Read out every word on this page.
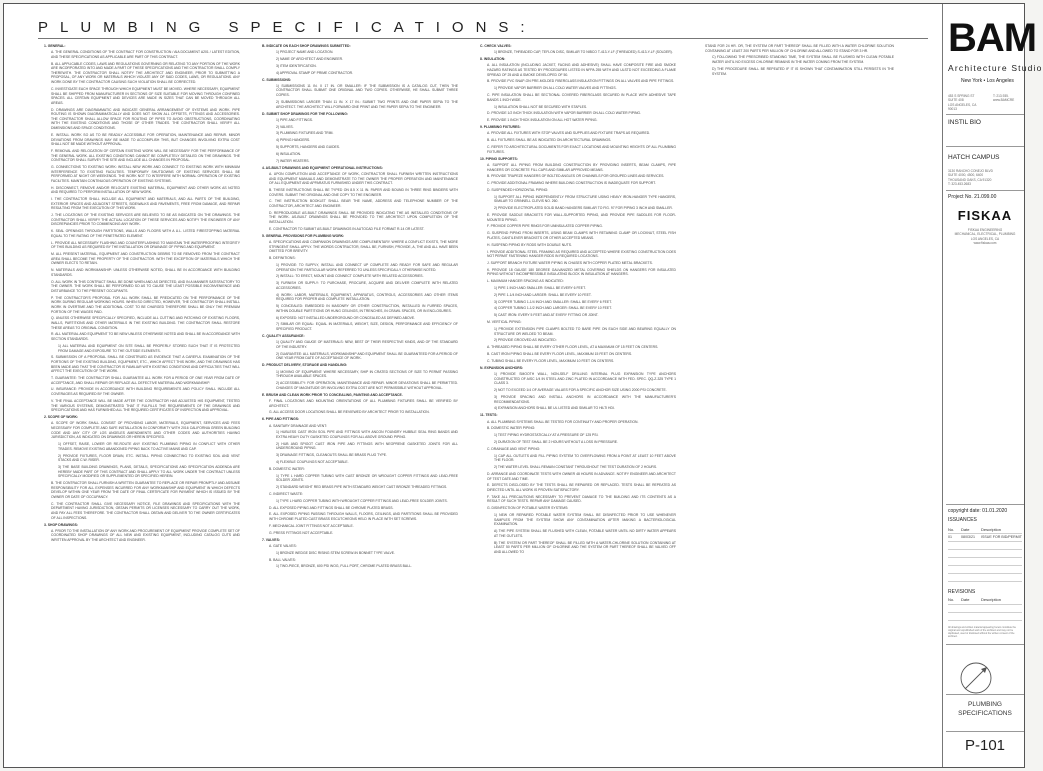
PLUMBING SPECIFICATIONS:

1. GENERAL:

A. THE GENERAL CONDITIONS OF THE CONTRACT FOR CONSTRUCTION / AIA DOCUMENT A201 / LATEST EDITION, AND THESE SPECIFICATIONS AS APPLICABLE ARE PART OF THIS CONTRACT.

B. ALL APPLICABLE CODES, LAWS AND REGULATIONS GOVERNING OR RELATING TO ANY PORTION OF THE WORK ARE INCORPORATED INTO AND MADE A PART OF THESE SPECIFICATIONS AND THE CONTRACTOR SHALL COMPLY THEREWITH. THE CONTRACTOR SHALL NOTIFY THE ARCHITECT AND ENGINEER, PRIOR TO SUBMITTING A PROPOSAL, OF ANY WORK OR MATERIALS WHICH VIOLATE ANY OF SAID CODES, LAWS, OR REGULATIONS. ANY WORK DONE BY THE CONTRACTOR CAUSING SUCH VIOLATION SHALL BE CORRECTED.

C. INVESTIGATE EACH SPACE THROUGH WHICH EQUIPMENT MUST BE MOVED. WHERE NECESSARY, EQUIPMENT SHALL BE SHIPPED FROM MANUFACTURER IN SECTIONS OF SIZE SUITABLE FOR MOVING THROUGH CONFINED SPACES. ALL CERTAIN EQUIPMENT AND DEVICES ARE MADE IN SIZES THAT CAN BE MOVED THROUGH ALL AREAS.

D. DRAWINGS ARE DIAGRAMMATIC AND INDICATE GENERAL ARRANGEMENT OF SYSTEMS AND WORK. PIPE ROUTING IS SHOWN DIAGRAMMATICALLY AND DOES NOT SHOW ALL OFFSETS, FITTINGS AND ACCESSORIES. THE CONTRACTOR SHALL ALLOW SPACE FOR ROUTING OF PIPES TO AVOID OBSTRUCTIONS, COORDINATING WITH THE EXISTING CONDITIONS AND THOSE OF OTHER TRADES. THE CONTRACTOR SHALL VERIFY ALL DIMENSIONS AND SPACE CONDITIONS.

E. INSTALL WORK SO AS TO BE READILY ACCESSIBLE FOR OPERATION, MAINTENANCE AND REPAIR. MINOR DEVIATIONS FROM DRAWINGS MAY BE MADE TO ACCOMPLISH THIS, BUT CHANGES INVOLVING EXTRA COST SHALL NOT BE MADE WITHOUT APPROVAL.

F. REMOVAL AND RELOCATION OF CERTAIN EXISTING WORK WILL BE NECESSARY FOR THE PERFORMANCE OF THE GENERAL WORK. ALL EXISTING CONDITIONS CANNOT BE COMPLETELY DETAILED ON THE DRAWINGS. THE CONTRACTOR SHALL SURVEY THE SITE AND INCLUDE ALL CHANGES IN PROPOSAL.

G. CONNECTIONS TO EXISTING WORK: INSTALL NEW WORK AND CONNECT TO EXISTING WORK WITH MINIMUM INTERFERENCE TO EXISTING FACILITIES. TEMPORARY SHUTDOWNS OF EXISTING SERVICES SHALL BE PERFORMED AT NIGHT OR WEEKENDS. THE WORK NOT TO INTERFERE WITH NORMAL OPERATION OF EXISTING FACILITIES. MAINTAIN CONTINUOUS OPERATION OF EXISTING SYSTEMS.

H. DISCONNECT, REMOVE AND/OR RELOCATE EXISTING MATERIAL, EQUIPMENT AND OTHER WORK AS NOTED AND REQUIRED TO PERFORM INSTALLATION OF NEW WORK.

I. THE CONTRACTOR SHALL INCLUDE ALL EQUIPMENT AND MATERIALS, AND ALL PARTS OF THE BUILDING, EXTERIOR SPACES AND ADJACENT STREETS, SIDEWALKS AND PAVEMENTS, FREE FROM DAMAGE, AND REPAIR RESULTING FROM THE EXECUTION OF THIS WORK.

J. THE LOCATIONS OF THE EXISTING SERVICES ARE BELIEVED TO BE AS INDICATED ON THE DRAWINGS. THE CONTRACTOR SHALL VERIFY THE ACTUAL LOCATION OF THESE SERVICES AND NOTIFY THE ENGINEER OF ANY DISCREPANCIES PRIOR TO COMMENCING ANY WORK.

K. SEAL OPENINGS THROUGH PARTITIONS, WALLS AND FLOORS WITH A U.L. LISTED FIRESTOPPING MATERIAL EQUAL TO THE RATING OF THE PENETRATED ELEMENT.

L. PROVIDE ALL NECESSARY FLASHING AND COUNTERFLASHING TO MAINTAIN THE WATERPROOFING INTEGRITY OF THIS BUILDING AS REQUIRED BY THE INSTALLATION OR DRAINAGE OF PIPING AND EQUIPMENT.

M. ALL PRESENT MATERIAL, EQUIPMENT AND CONSTRUCTION DEBRIS TO BE REMOVED FROM THE CONTRACT AREA SHALL BECOME THE PROPERTY OF THE CONTRACTOR. WITH THE EXCEPTION OF MATERIALS WHICH THE OWNER ELECTS TO RETAIN.

N. MATERIALS AND WORKMANSHIP: UNLESS OTHERWISE NOTED, SHALL BE IN ACCORDANCE WITH BUILDING STANDARDS.

O. ALL WORK IN THIS CONTRACT SHALL BE DONE WHEN AND AS DIRECTED, AND IN A MANNER SATISFACTORY TO THE OWNER. THE WORK SHALL BE PERFORMED SO AS TO CAUSE THE LEAST POSSIBLE INCONVENIENCE AND DISTURBANCE TO THE PRESENT OCCUPANTS.

P. THE CONTRACTOR'S PROPOSAL FOR ALL WORK SHALL BE PREDICATED ON THE PERFORMANCE OF THE WORK DURING REGULAR WORKING HOURS. WHEN SO DIRECTED, HOWEVER, THE CONTRACTOR SHALL INSTALL WORK IN OVERTIME AND THE ADDITIONAL COST TO BE CHARGED THEREFORE SHALL BE ONLY THE PREMIUM PORTION OF THE WAGES PAID.

Q. UNLESS OTHERWISE SPECIFICALLY SPECIFIED, INCLUDE ALL CUTTING AND PATCHING OF EXISTING FLOORS, WALLS, PARTITIONS AND OTHER MATERIALS IN THE EXISTING BUILDING. THE CONTRACTOR SHALL RESTORE THESE AREAS TO ORIGINAL CONDITION.

R. ALL MATERIAL AND EQUIPMENT TO BE NEW UNLESS OTHERWISE NOTED AND SHALL BE IN ACCORDANCE WITH SECTION STANDARDS.

1) ALL MATERIAL AND EQUIPMENT ON SITE SHALL BE PROPERLY STORED SUCH THAT IT IS PROTECTED FROM DAMAGE AND EXPOSURE TO THE OUTSIDE ELEMENTS.

S. SUBMISSION OF A PROPOSAL SHALL BE CONSTRUED AS EVIDENCE THAT A CAREFUL EXAMINATION OF THE PORTIONS OF THE EXISTING BUILDING, EQUIPMENT, ETC., WHICH AFFECT THIS WORK, AND THE DRAWINGS HAS BEEN MADE AND THAT THE CONTRACTOR IS FAMILIAR WITH EXISTING CONDITIONS AND DIFFICULTIES THAT WILL AFFECT THE EXECUTION OF THE WORK.

T. GUARANTEE: THE CONTRACTOR SHALL GUARANTEE ALL WORK FOR A PERIOD OF ONE YEAR FROM DATE OF ACCEPTANCE, AND SHALL REPAIR OR REPLACE ALL DEFECTIVE MATERIAL AND WORKMANSHIP.

U. INSURANCE: PROVIDE IN ACCORDANCE WITH BUILDING REQUIREMENTS AND POLICY SHALL INCLUDE ALL COVERAGES AS REQUIRED BY THE OWNER.

V. THE FINAL ACCEPTANCE WILL BE MADE AFTER THE CONTRACTOR HAS ADJUSTED HIS EQUIPMENT, TESTED THE VARIOUS SYSTEMS, DEMONSTRATED THAT IT FULFILLS THE REQUIREMENTS OF THE DRAWINGS AND SPECIFICATIONS AND HAS FURNISHED ALL THE REQUIRED CERTIFICATES OF INSPECTION AND APPROVAL.

2. SCOPE OF WORK:

A. SCOPE OF WORK SHALL CONSIST OF PROVIDING LABOR, MATERIALS, EQUIPMENT, SERVICES AND FEES NECESSARY FOR COMPLETE AND SAFE INSTALLATION IN CONFORMITY WITH 2016 CALIFORNIA GREEN BUILDING CODE AND ANY CITY OF LOS ANGELES AMENDMENTS AND OTHER CODES AND AUTHORITIES HAVING JURISDICTION, AS INDICATED ON DRAWINGS OR HEREIN SPECIFIED.

1) OFFSET, RAISE, LOWER OR RE-ROUTE ANY EXISTING PLUMBING PIPING IN CONFLICT WITH OTHER TRADES. REMOVE EXISTING ABANDONED PIPING BACK TO ACTIVE MAINS AND CAP.

2) PROVIDE FIXTURES, FLOOR DRAIN, ETC. INSTALL PIPING CONNECTING TO EXISTING SOIL AND VENT STACKS AND C.W. RISER.

3) THE BASE BUILDING DRAWINGS, PLANS, DETAILS, SPECIFICATIONS AND SPECIFICATION ADDENDA ARE HEREBY MADE PART OF THIS CONTRACT AND SHALL APPLY TO ALL WORK UNDER THE CONTRACT UNLESS SPECIFICALLY MODIFIED OR SUPPLEMENTED OR SPECIFIED HEREIN.

B. THE CONTRACTOR SHALL FURNISH A WRITTEN GUARANTEE TO REPLACE OR REPAIR PROMPTLY AND ASSUME RESPONSIBILITY FOR ALL EXPENSES INCURRED FOR ANY WORKMANSHIP AND EQUIPMENT IN WHICH DEFECTS DEVELOP WITHIN ONE YEAR FROM THE DATE OF FINAL CERTIFICATE FOR PAYMENT WHICH IS ISSUED BY THE OWNER OR DATE OF OCCUPANCY.

C. THE CONTRACTOR SHALL GIVE NECESSARY NOTICE, FILE DRAWINGS AND SPECIFICATIONS WITH THE DEPARTMENT HAVING JURISDICTION, OBTAIN PERMITS OR LICENSES NECESSARY TO CARRY OUT THE WORK, AND PAY ALL FEES THEREFORE. THE CONTRACTOR SHALL OBTAIN AND DELIVER TO THE OWNER CERTIFICATES OF ALL INSPECTIONS.

3. SHOP DRAWINGS:

A. PRIOR TO THE INSTALLATION OF ANY WORK AND PROCUREMENT OF EQUIPMENT PROVIDE COMPLETE SET OF COORDINATED SHOP DRAWINGS OF ALL NEW AND EXISTING EQUIPMENT, INCLUDING CATALOG CUTS AND WRITTEN APPROVAL BY THE ARCHITECT AND ENGINEER.

B. INDICATE ON EACH SHOP DRAWINGS SUBMITTED:

1) PROJECT NAME AND LOCATION.

2) NAME OF ARCHITECT AND ENGINEER.

3) ITEM IDENTIFICATION.

4) APPROVAL STAMP OF PRIME CONTRACTOR.

C. SUBMISSIONS:

1) SUBMISSIONS 11 IN. X 17 IN. OR SMALLER: IF THE SUBMISSION IS A CATALOG CUT, THEN THE CONTRACTOR SHALL SUBMIT ONE ORIGINAL AND TWO COPIES. OTHERWISE, HE SHALL SUBMIT THREE COPIES.

2) SUBMISSIONS LARGER THAN 11 IN. X 17 IN.: SUBMIT TWO PRINTS AND ONE PAPER SEPIA TO THE ARCHITECT. THE ARCHITECT WILL FORWARD ONE PRINT AND THE PAPER SEPIA TO THE ENGINEER.

D. SUBMIT SHOP DRAWINGS FOR THE FOLLOWING:

1) PIPE AND FITTINGS.

2) VALVES.

3) PLUMBING FIXTURES AND TRIM.

4) PIPING HANGERS.

5) SUPPORTS, HANGERS AND GUIDES.

6) INSULATION.

7) WATER HEATERS.

4. AS-BUILT DRAWINGS AND EQUIPMENT OPERATIONAL INSTRUCTIONS:

A. UPON COMPLETION AND ACCEPTANCE OF WORK, CONTRACTOR SHALL FURNISH WRITTEN INSTRUCTIONS AND EQUIPMENT MANUALS AND DEMONSTRATE TO THE OWNER THE PROPER OPERATION AND MAINTENANCE OF ALL EQUIPMENT AND APPARATUS FURNISHED UNDER THIS CONTRACT.

B. THESE INSTRUCTIONS SHALL BE TYPED ON 8.5 X 11 IN. PAPER AND BOUND IN THREE RING BINDERS WITH COVERS. SUBMIT THE ORIGINAL AND ONE COPY TO THE ENGINEER.

C. THE INSTRUCTION BOOKLET SHALL BEAR THE NAME, ADDRESS AND TELEPHONE NUMBER OF THE CONTRACTOR, ARCHITECT AND ENGINEER.

D. REPRODUCIBLE AS-BUILT DRAWINGS SHALL BE PROVIDED INDICATING THE AS INSTALLED CONDITIONS OF THE WORK. AS-BUILT DRAWINGS SHALL BE PROVIDED TO THE ARCHITECT UPON COMPLETION OF THE INSTALLATION.

E. CONTRACTOR TO SUBMIT AS-BUILT DRAWINGS IN AUTOCAD FILE FORMAT R-14 OR LATEST.

5. GENERAL PROVISIONS FOR PLUMBING WORK:

A. SPECIFICATIONS AND COMPANION DRAWINGS ARE COMPLEMENTARY. WHERE A CONFLICT EXISTS, THE MORE STRINGENT SHALL APPLY. THE WORDS CONTRACTOR, SHALL BE, FURNISH, PROVIDE, A, THE AND ALL HAVE BEEN OMITTED FOR BREVITY.

B. DEFINITIONS:

1) PROVIDE: TO SUPPLY, INSTALL AND CONNECT UP COMPLETE AND READY FOR SAFE AND REGULAR OPERATION THE PARTICULAR WORK REFERRED TO UNLESS SPECIFICALLY OTHERWISE NOTED.

2) INSTALL: TO ERECT, MOUNT AND CONNECT COMPLETE WITH RELATED ACCESSORIES.

3) FURNISH OR SUPPLY: TO PURCHASE, PROCURE, ACQUIRE AND DELIVER COMPLETE WITH RELATED ACCESSORIES.

4) WORK: LABOR, MATERIALS, EQUIPMENT, APPARATUS, CONTROLS, ACCESSORIES AND OTHER ITEMS REQUIRED FOR PROPER AND COMPLETE INSTALLATION.

5) CONCEALED: EMBEDDED IN MASONRY OR OTHER CONSTRUCTION, INSTALLED IN FURRED SPACES, WITHIN DOUBLE PARTITIONS OR HUNG CEILINGS, IN TRENCHES, IN CRAWL SPACES, OR IN ENCLOSURES.

6) EXPOSED: NOT INSTALLED UNDERGROUND OR CONCEALED AS DEFINED ABOVE.

7) SIMILAR OR EQUAL: EQUAL IN MATERIALS, WEIGHT, SIZE, DESIGN, PERFORMANCE AND EFFICIENCY OF SPECIFIED PRODUCT.

C. QUALITY ASSURANCE:

1) QUALITY AND GAUGE OF MATERIALS: NEW, BEST OF THEIR RESPECTIVE KINDS, AND OF THE STANDARD OF THE INDUSTRY.

2) GUARANTEE: ALL MATERIALS, WORKMANSHIP AND EQUIPMENT SHALL BE GUARANTEED FOR A PERIOD OF ONE YEAR FROM DATE OF ACCEPTANCE OF WORK.

D. PRODUCT DELIVERY, STORAGE AND HANDLING:

1) MOVING OF EQUIPMENT: WHERE NECESSARY, SHIP IN CRATED SECTIONS OF SIZE TO PERMIT PASSING THROUGH AVAILABLE SPACES.

2) ACCESSIBILITY: FOR OPERATION, MAINTENANCE AND REPAIR. MINOR DEVIATIONS SHALL BE PERMITTED. CHANGES OF MAGNITUDE OR INVOLVING EXTRA COST ARE NOT PERMISSIBLE WITHOUT APPROVAL.

E. BRUSH AND CLEAN WORK PRIOR TO CONCEALING, PAINTING AND ACCEPTANCE.

F. FINAL LOCATIONS AND MOUNTING ORIENTATIONS OF ALL PLUMBING FIXTURES SHALL BE VERIFIED BY ARCHITECT.

G. ALL ACCESS DOOR LOCATIONS SHALL BE REVIEWED BY ARCHITECT PRIOR TO INSTALLATION.

6. PIPE AND FITTINGS:

A. SANITARY DRAINAGE AND VENT:

1) HUBLESS CAST IRON SOIL PIPE AND FITTINGS WITH ANCON FOUNDRY HUBBLE SEAL RING BANDS AND EXTRA HEAVY DUTY GASKETED COUPLINGS FOR ALL ABOVE GROUND PIPING.

2) HUB AND SPIGOT CAST IRON PIPE AND FITTINGS WITH NEOPRENE GASKETED JOINTS FOR ALL UNDERGROUND PIPING.

3) DRAINAGE FITTINGS, CLEANOUTS SHALL BE BRASS PLUG TYPE.

4) FLEXIBLE COUPLINGS NOT ACCEPTABLE.

B. DOMESTIC WATER:

1) TYPE L HARD COPPER TUBING WITH CAST BRONZE OR WROUGHT COPPER FITTINGS AND LEAD-FREE SOLDER JOINTS.

2) STANDARD WEIGHT RED BRASS PIPE WITH STANDARD WEIGHT CAST BRONZE THREADED FITTINGS.

C. INDIRECT WASTE:

1) TYPE L HARD COPPER TUBING WITH WROUGHT COPPER FITTINGS AND LEAD-FREE SOLDER JOINTS.

D. ALL EXPOSED PIPING AND FITTINGS SHALL BE CHROME PLATED BRASS.

E. ALL EXPOSED PIPING PASSING THROUGH WALLS, FLOORS, CEILINGS, AND PARTITIONS SHALL BE PROVIDED WITH CHROME PLATED CAST BRASS ESCUTCHEONS HELD IN PLACE WITH SET SCREWS.

F. MECHANICAL JOINT FITTINGS NOT ACCEPTABLE.

G. PRESS FITTINGS NOT ACCEPTABLE.

7. VALVES:

A. GATE VALVES:

1) BRONZE WEDGE DISC RISING STEM SCREW-IN BONNET TYPE VALVE.

B. BALL VALVES:

1) TWO-PIECE, BRONZE, 600 PSI WOG, FULL PORT, CHROME PLATED BRASS BALL.

C. CHECK VALVES:

1) BRONZE, THREADED CAP, TEFLON DISC, SIMILAR TO NIBCO T-413-Y-LF (THREADED) S-413-Y-LF (SOLDER).

8. INSULATION:

A. ALL INSULATION (INCLUDING JACKET, FACING AND ADHESIVE) SHALL HAVE COMPOSITE FIRE AND SMOKE HAZARD RATINGS AS TESTED BY PROCEDURES LISTED IN NFPA 255 WITH AND ULSTD NOT EXCEEDING A FLAME SPREAD OF 25 AND A SMOKE DEVELOPED OF 50.

B. PROVIDE PVC SNAP-ON PRE-MOLDED FIBERGLASS INSULATION FITTINGS ON ALL VALVES AND PIPE FITTINGS.

1) PROVIDE VAPOR BARRIER ON ALL COLD WATER VALVES AND FITTINGS.

C. PIPE INSULATION SHALL BE SECTIONAL COVERED FIBERGLASS SECURED IN PLACE WITH ADHESIVE TAPE BANDS 1 INCH WIDE.

1) INSULATION SHALL NOT BE SECURED WITH STAPLES.

D. PROVIDE 1/2 INCH THICK INSULATION WITH VAPOR BARRIER ON ALL COLD WATER PIPING.

E. PROVIDE 1 INCH THICK INSULATION ON ALL HOT WATER PIPING.

9. PLUMBING FIXTURES:

A. PROVIDE ALL FIXTURES WITH STOP VALVES AND SUPPLIES AND FIXTURE TRAPS AS REQUIRED.

B. ALL FIXTURES SHALL BE AS INDICATED ON ARCHITECTURAL DRAWINGS.

C. REFER TO ARCHITECTURAL DOCUMENTS FOR EXACT LOCATIONS AND MOUNTING HEIGHTS OF ALL PLUMBING FIXTURES.

10. PIPING SUPPORTS:

A. SUPPORT ALL PIPING FROM BUILDING CONSTRUCTION BY PROVIDING INSERTS, BEAM CLAMPS, PIPE HANGERS OR CONCRETE FILL CAPS AND SIMILAR APPROVED MEANS.

B. PROVIDE TRAPEZE HANGERS OF BOLTED ANGLES OR CHANNELS FOR GROUPED LINES AND SERVICES.

C. PROVIDE ADDITIONAL FRAMING WHERE BUILDING CONSTRUCTION IS INADEQUATE FOR SUPPORT.

D. SUSPENDED HORIZONTAL PIPING:

1) SUPPORT ALL PIPING INDEPENDENTLY FROM STRUCTURE USING HEAVY IRON-HANGER TYPE HANGERS, SIMILAR TO GRINNELL CLEVIS NO. 260.

2) PROVIDE ELECTROPLATED SOLID BAND HANGERS SIMILAR TO FIG. 97 FOR PIPING 3 INCH AND SMALLER.

E. PROVIDE SADDLE BRACKETS FOR WALL-SUPPORTED PIPING, AND PROVIDE PIPE SADDLES FOR FLOOR-MOUNTED PIPING.

F. PROVIDE COPPER PIPE RINGS FOR UNINSULATED COPPER PIPING.

G. SUSPEND PIPING FROM INSERTS, USING BEAM CLAMPS WITH RETAINING CLAMP OR LOCKNUT, STEEL FISH PLATES, CANTILEVER BRACKETS OR OTHER ACCEPTED MEANS.

H. SUSPEND PIPING BY RODS WITH DOUBLE NUTS.

I. PROVIDE ADDITIONAL STEEL FRAMING AS REQUIRED AND ACCEPTED WHERE EXISTING CONSTRUCTION DOES NOT PERMIT FASTENING HANGER RODS IN REQUIRED LOCATIONS.

J. SUPPORT BRANCH FIXTURE WATER PIPING IN CHASES WITH COPPER PLATED METAL BRACKETS.

K. PROVIDE 18 GAUGE 180 DEGREE GALVANIZED METAL COVERING SHIELDS ON HANGERS FOR INSULATED PIPING WITHOUT INCOMPRESSIBLE INSULATING BLOCK IN INSULATION AT HANGERS.

L. MAXIMUM HANGER SPACING AS INDICATED:

1) PIPE 1 INCH AND SMALLER: SHALL BE EVERY 6 FEET.

2) PIPE 1-1/4 INCH AND LARGER: SHALL BE EVERY 10 FEET.

3) COPPER TUBING 1-1/4 INCH AND SMALLER: SHALL BE EVERY 6 FEET.

4) COPPER TUBING 1-1/2 INCH AND LARGER: SHALL BE EVERY 10 FEET.

5) CAST IRON: EVERY 5 FEET AND AT EVERY FITTING OR JOINT.

M. VERTICAL PIPING:

1) PROVIDE EXTENSION PIPE CLAMPS BOLTED TO BARE PIPE ON EACH SIDE AND BEARING EQUALLY ON STRUCTURE OR WELDED TO BEAM.

2) PROVIDE GROOVED AS INDICATED:

A. THREADED PIPING SHALL BE EVERY OTHER FLOOR LEVEL, AT A MAXIMUM OF 15 FEET ON CENTERS.

B. CAST IRON PIPING SHALL BE EVERY FLOOR LEVEL, MAXIMUM 15 FEET ON CENTERS.

C. TUBING SHALL BE EVERY FLOOR LEVEL, MAXIMUM 10 FEET ON CENTERS.

N. EXPANSION ANCHORS:

1) PROVIDE SMOOTH WALL, NON-SELF DRILLING INTERNAL PLUG EXPANSION TYPE ANCHORS CONSTRUCTED OF AISC 1/4 IN STEEL AND ZINC PLATED IN ACCORDANCE WITH FED. SPEC. QQ-Z-325 TYPE 1 CLASS 3.

2) NOT TO EXCEED 1/4 OF AVERAGE VALUES FOR A SPECIFIC ANCHOR SIZE USING 2000 PSI CONCRETE.

3) PROVIDE SPACING AND INSTALL ANCHORS IN ACCORDANCE WITH THE MANUFACTURER'S RECOMMENDATIONS.

4) EXPANSION ANCHORS SHALL BE UL LISTED AND SIMILAR TO HILTI HDI.

11. TESTS:

A. ALL PLUMBING SYSTEMS SHALL BE TESTED FOR CONTINUITY AND PROPER OPERATION.

B. DOMESTIC WATER PIPING:

1) TEST PIPING HYDROSTATICALLY AT A PRESSURE OF 125 PSI.

2) DURATION OF TEST SHALL BE 2 HOURS WITHOUT A LOSS IN PRESSURE.

C. DRAINAGE AND VENT PIPING:

1) CAP ALL OUTLETS AND FILL PIPING SYSTEM TO OVERFLOWING FROM A POINT AT LEAST 10 FEET ABOVE THE FLOOR.

2) THE WATER LEVEL SHALL REMAIN CONSTANT THROUGHOUT THE TEST DURATION OF 2 HOURS.

D. ARRANGE AND COORDINATE TESTS WITH OWNER 48 HOURS IN ADVANCE. NOTIFY ENGINEER AND ARCHITECT OF TEST DATE AND TIME.

E. DEFECTS DISCLOSED BY THE TESTS SHALL BE REPAIRED OR REPLACED. TESTS SHALL BE REPEATED AS DIRECTED UNTIL ALL WORK IS PROVEN SATISFACTORY.

F. TAKE ALL PRECAUTIONS NECESSARY TO PREVENT DAMAGE TO THE BUILDING AND ITS CONTENTS AS A RESULT OF SUCH TESTS. REPAIR ANY DAMAGE CAUSED.

G. DISINFECTION OF POTABLE WATER SYSTEMS:

1) NEW OR REPAIRED POTABLE WATER SYSTEM SHALL BE DISINFECTED PRIOR TO USE WHENEVER SAMPLES FROM THE SYSTEM SHOW ANY CONTAMINATION AFTER MAKING A BACTERIOLOGICAL EXAMINATION.

A) THE PIPE SYSTEM SHALL BE FLUSHED WITH CLEAN, POTABLE WATER UNTIL NO DIRTY WATER APPEARS AT THE OUTLETS.

B) THE SYSTEM OR PART THEREOF SHALL BE FILLED WITH A WATER-CHLORINE SOLUTION CONTAINING AT LEAST 50 PARTS PER MILLION OF CHLORINE AND THE SYSTEM OR PART THEREOF SHALL BE VALVED OFF AND ALLOWED TO

STAND FOR 24 HR. OR, THE SYSTEM OR PART THEREOF SHALL BE FILLED WITH A WATER CHLORINE SOLUTION CONTAINING AT LEAST 200 PARTS PER MILLION OF CHLORINE AND ALLOWED TO STAND FOR 3 HR.

C) FOLLOWING THE PRESCRIBED STANDING TIME, THE SYSTEM SHALL BE FLUSHED WITH CLEAN POTABLE WATER UNTIL NO EXCESS CHLORINE REMAINS IN THE WATER COMING FROM THE SYSTEM.

D) THE PROCEDURE SHALL BE REPEATED IF IT IS SHOWN THAT CONTAMINATION STILL PERSISTS IN THE SYSTEM.

BAM
Architecture Studio
New York • Los Angeles
453 S SPRING ST
SUITE 408
LOS ANGELES, CA
90013
T: 213.935.
www.BAMCRE
INSTIL BIO
HATCH CAMPUS
3130 RANCHO CONEJO BLVD
SUITE 4000, 4500, 6400
THOUSAND OAKS, CA 91320
T: 323.453.2683
Project No. 21.099.00
FISKAA
FISKAA ENGINEERING
MECHANICAL, ELECTRICAL, PLUMBING
LOS ANGELES, CA
www.fiskaa.com
copyright date: 01.01.2020
ISSUANCES
No. Date	Description
01	08/03/21 ISSUE FOR BID/PERMIT
REVISIONS
No. Date	Description
All drawings and written material appearing herein constitute the original and unpublished work of the architect and may not be duplicated, used or disclosed without the written consent of the architect.
PLUMBING
SPECIFICATIONS
P-101
